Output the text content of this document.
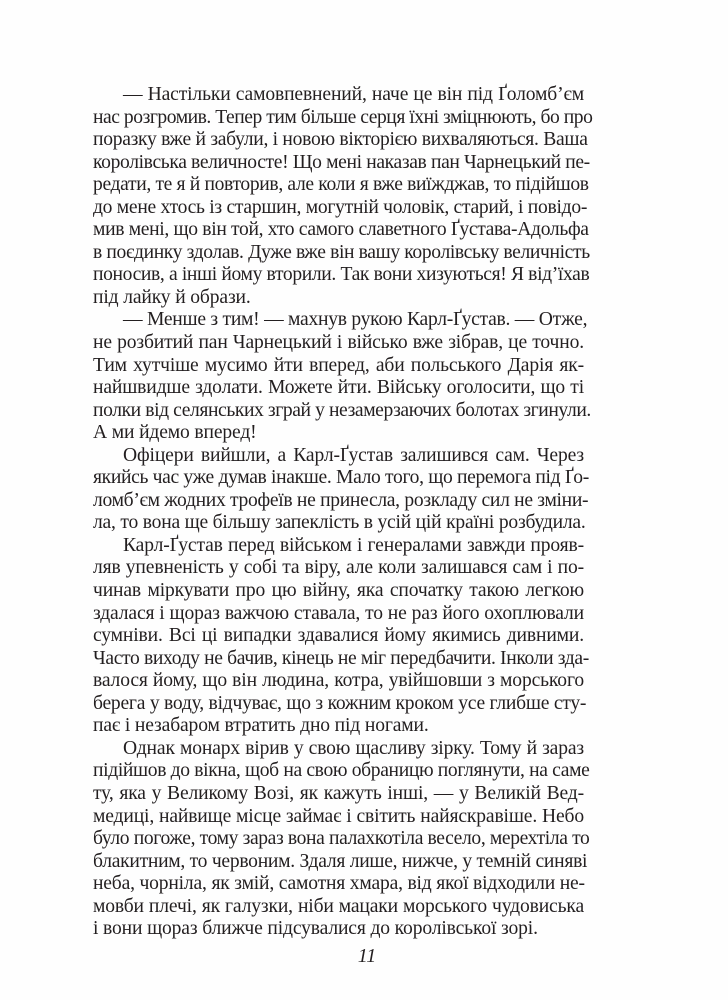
— Настільки самовпевнений, наче це він під Ґоломб’єм
нас розгромив. Тепер тим більше серця їхні зміцнюють, бо про
поразку вже й забули, і новою вікторією вихваляються. Ваша
королівська величносте! Що мені наказав пан Чарнецький пе-
редати, те я й повторив, але коли я вже виїжджав, то підійшов
до мене хтось із старшин, могутній чоловік, старий, і повідо-
мив мені, що він той, хто самого славетного Ґустава-Адольфа
в поєдинку здолав. Дуже вже він вашу королівську величність
поносив, а інші йому вторили. Так вони хизуються! Я від’їхав
під лайку й образи.
— Менше з тим! — махнув рукою Карл-Ґустав. — Отже,
не розбитий пан Чарнецький і військо вже зібрав, це точно.
Тим хутчіше мусимо йти вперед, аби польського Дарія як-
найшвидше здолати. Можете йти. Війську оголосити, що ті
полки від селянських зграй у незамерзаючих болотах згинули.
А ми йдемо вперед!
Офіцери вийшли, а Карл-Ґустав залишився сам. Через
якийсь час уже думав інакше. Мало того, що перемога під Ґо-
ломб’єм жодних трофеїв не принесла, розкладу сил не зміни-
ла, то вона ще більшу запеклість в усій цій країні розбудила.
Карл-Ґустав перед військом і генералами завжди прояв-
ляв упевненість у собі та віру, але коли залишався сам і по-
чинав міркувати про цю війну, яка спочатку такою легкою
здалася і щораз важчою ставала, то не раз його охоплювали
сумніви. Всі ці випадки здавалися йому якимись дивними.
Часто виходу не бачив, кінець не міг передбачити. Інколи зда-
валося йому, що він людина, котра, увійшовши з морського
берега у воду, відчуває, що з кожним кроком усе глибше сту-
пає і незабаром втратить дно під ногами.
Однак монарх вірив у свою щасливу зірку. Тому й зараз
підійшов до вікна, щоб на свою обраницю поглянути, на саме
ту, яка у Великому Возі, як кажуть інші, — у Великій Вед-
медиці, найвище місце займає і світить найяскравіше. Небо
було погоже, тому зараз вона палахкотіла весело, мерехтіла то
блакитним, то червоним. Здаля лише, нижче, у темній синяві
неба, чорніла, як змій, самотня хмара, від якої відходили не-
мовби плечі, як галузки, ніби мацаки морського чудовиська
і вони щораз ближче підсувалися до королівської зорі.
11
